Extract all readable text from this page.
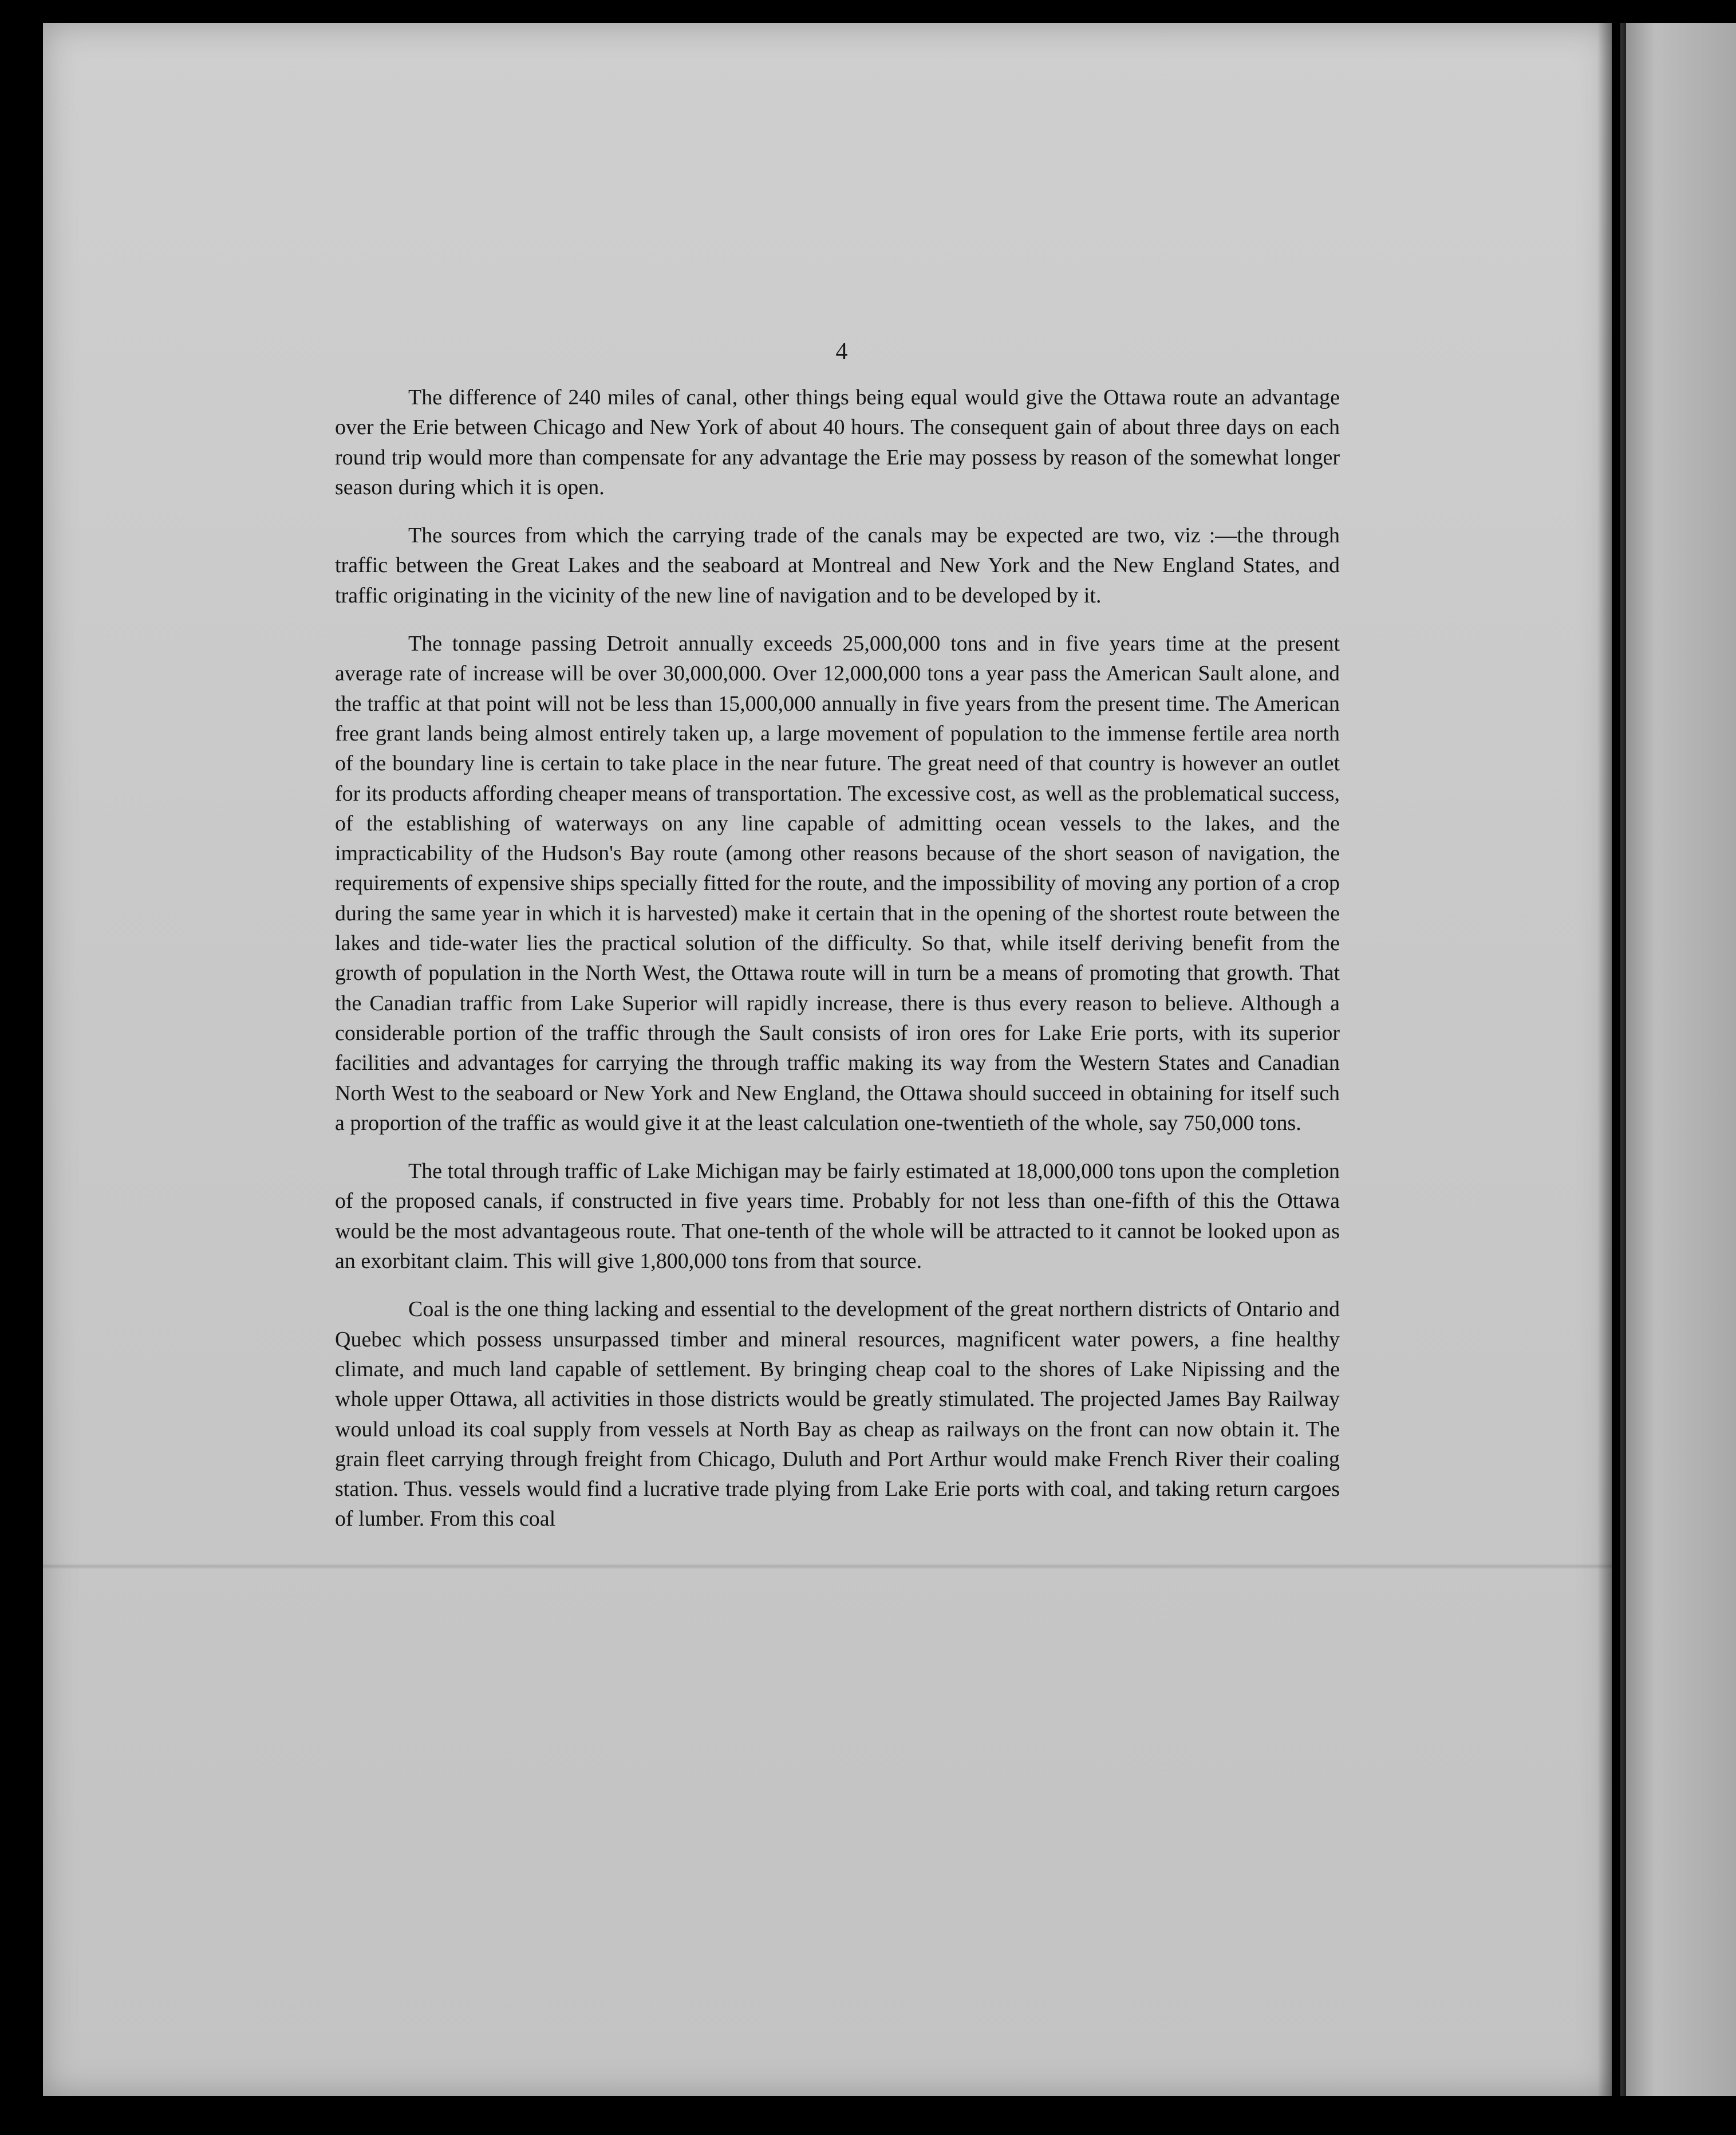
4

The difference of 240 miles of canal, other things being equal would give the Ottawa route an advantage over the Erie between Chicago and New York of about 40 hours. The consequent gain of about three days on each round trip would more than compensate for any advantage the Erie may possess by reason of the somewhat longer season during which it is open.

The sources from which the carrying trade of the canals may be expected are two, viz :—the through traffic between the Great Lakes and the seaboard at Montreal and New York and the New England States, and traffic originating in the vicinity of the new line of navigation and to be developed by it.

The tonnage passing Detroit annually exceeds 25,000,000 tons and in five years time at the present average rate of increase will be over 30,000,000. Over 12,000,000 tons a year pass the American Sault alone, and the traffic at that point will not be less than 15,000,000 annually in five years from the present time. The American free grant lands being almost entirely taken up, a large movement of population to the immense fertile area north of the boundary line is certain to take place in the near future. The great need of that country is however an outlet for its products affording cheaper means of transportation. The excessive cost, as well as the problematical success, of the establishing of waterways on any line capable of admitting ocean vessels to the lakes, and the impracticability of the Hudson's Bay route (among other reasons because of the short season of navigation, the requirements of expensive ships specially fitted for the route, and the impossibility of moving any portion of a crop during the same year in which it is harvested) make it certain that in the opening of the shortest route between the lakes and tide-water lies the practical solution of the difficulty. So that, while itself deriving benefit from the growth of population in the North West, the Ottawa route will in turn be a means of promoting that growth. That the Canadian traffic from Lake Superior will rapidly increase, there is thus every reason to believe. Although a considerable portion of the traffic through the Sault consists of iron ores for Lake Erie ports, with its superior facilities and advantages for carrying the through traffic making its way from the Western States and Canadian North West to the seaboard or New York and New England, the Ottawa should succeed in obtaining for itself such a proportion of the traffic as would give it at the least calculation one-twentieth of the whole, say 750,000 tons.

The total through traffic of Lake Michigan may be fairly estimated at 18,000,000 tons upon the completion of the proposed canals, if constructed in five years time. Probably for not less than one-fifth of this the Ottawa would be the most advantageous route. That one-tenth of the whole will be attracted to it cannot be looked upon as an exorbitant claim. This will give 1,800,000 tons from that source.

Coal is the one thing lacking and essential to the development of the great northern districts of Ontario and Quebec which possess unsurpassed timber and mineral resources, magnificent water powers, a fine healthy climate, and much land capable of settlement. By bringing cheap coal to the shores of Lake Nipissing and the whole upper Ottawa, all activities in those districts would be greatly stimulated. The projected James Bay Railway would unload its coal supply from vessels at North Bay as cheap as railways on the front can now obtain it. The grain fleet carrying through freight from Chicago, Duluth and Port Arthur would make French River their coaling station. Thus. vessels would find a lucrative trade plying from Lake Erie ports with coal, and taking return cargoes of lumber. From this coal
